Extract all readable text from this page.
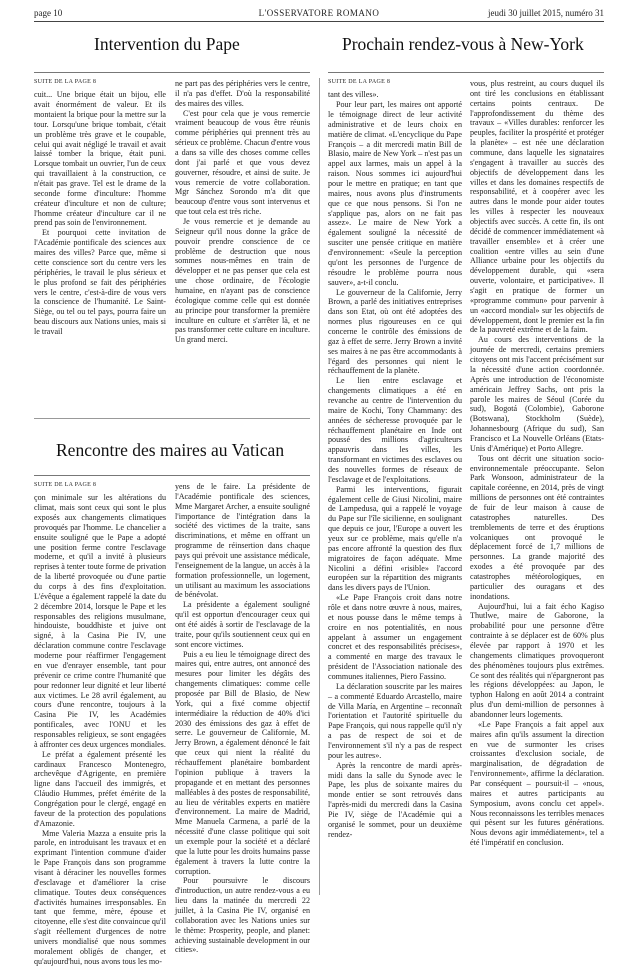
page 10	L'OSSERVATORE ROMANO	jeudi 30 juillet 2015, numéro 31
Intervention du Pape
SUITE DE LA PAGE 8

cuit... Une brique était un bijou, elle avait énormément de valeur. Et ils montaient la brique pour la mettre sur la tour. Lorsqu'une brique tombait, c'était un problème très grave et le coupable, celui qui avait négligé le travail et avait laissé tomber la brique, était puni. Lorsque tombait un ouvrier, l'un de ceux qui travaillaient à la construction, ce n'était pas grave. Tel est le drame de la seconde forme d'inculture: l'homme créateur d'inculture et non de culture; l'homme créateur d'inculture car il ne prend pas soin de l'environnement.

Et pourquoi cette invitation de l'Académie pontificale des sciences aux maires des villes? Parce que, même si cette conscience sort du centre vers les périphéries, le travail le plus sérieux et le plus profond se fait des périphéries vers le centre, c'est-à-dire de vous vers la conscience de l'humanité. Le Saint-Siège, ou tel ou tel pays, pourra faire un beau discours aux Nations unies, mais si le travail

ne part pas des périphéries vers le centre, il n'a pas d'effet. D'où la responsabilité des maires des villes.

C'est pour cela que je vous remercie vraiment beaucoup de vous être réunis comme périphéries qui prennent très au sérieux ce problème. Chacun d'entre vous a dans sa ville des choses comme celles dont j'ai parlé et que vous devez gouverner, résoudre, et ainsi de suite. Je vous remercie de votre collaboration. Mgr Sánchez Sorondo m'a dit que beaucoup d'entre vous sont intervenus et que tout cela est très riche.

Je vous remercie et je demande au Seigneur qu'il nous donne la grâce de pouvoir prendre conscience de ce problème de destruction que nous sommes nous-mêmes en train de développer et ne pas penser que cela est une chose ordinaire, de l'écologie humaine, en n'ayant pas de conscience écologique comme celle qui est donnée au principe pour transformer la première inculture en culture et s'arrêter là, et ne pas transformer cette culture en inculture. Un grand merci.

Rencontre des maires au Vatican
SUITE DE LA PAGE 8

çon minimale sur les altérations du climat, mais sont ceux qui sont le plus exposés aux changements climatiques provoqués par l'homme. Le chancelier a ensuite souligné que le Pape a adopté une position ferme contre l'esclavage moderne, et qu'il a invité à plusieurs reprises à tenter toute forme de privation de la liberté provoquée ou d'une partie du corps à des fins d'exploitation. L'évêque a également rappelé la date du 2 décembre 2014, lorsque le Pape et les responsables des religions musulmane, hindouiste, bouddhiste et juive ont signé, à la Casina Pie IV, une déclaration commune contre l'esclavage moderne pour réaffirmer l'engagement en vue d'enrayer ensemble, tant pour prévenir ce crime contre l'humanité que pour redonner leur dignité et leur liberté aux victimes. Le 28 avril également, au cours d'une rencontre, toujours à la Casina Pie IV, les Académies pontificales, avec l'ONU et les responsables religieux, se sont engagées à affronter ces deux urgences mondiales.

Le préfat a également présenté les cardinaux Francesco Montenegro, archevêque d'Agrigente, en première ligne dans l'accueil des immigrés, et Cláudio Hummes, préfet émérite de la Congrégation pour le clergé, engagé en faveur de la protection des populations d'Amazonie.

Mme Valeria Mazza a ensuite pris la parole, en introduisant les travaux et en exprimant l'intention commune d'aider le Pape François dans son programme visant à déraciner les nouvelles formes d'esclavage et d'améliorer la crise climatique. Toutes deux conséquences d'activités humaines irresponsables. En tant que femme, mère, épouse et citoyenne, elle s'est dite convaincue qu'il s'agit réellement d'urgences de notre univers mondialisé que nous sommes moralement obligés de changer, et qu'aujourd'hui, nous avons tous les mo-

yens de le faire. La présidente de l'Académie pontificale des sciences, Mme Margaret Archer, a ensuite souligné l'importance de l'intégration dans la société des victimes de la traite, sans discriminations, et même en offrant un programme de réinsertion dans chaque pays qui prévoit une assistance médicale, l'enseignement de la langue, un accès à la formation professionnelle, un logement, un utilisant au maximum les associations de bénévolat.

La présidente a également souligné qu'il est opportun d'encourager ceux qui ont été aidés à sortir de l'esclavage de la traite, pour qu'ils soutiennent ceux qui en sont encore victimes.

Puis a eu lieu le témoignage direct des maires qui, entre autres, ont annoncé des mesures pour limiter les dégâts des changements climatiques: comme celle proposée par Bill de Blasio, de New York, qui a fixé comme objectif intermédiaire la réduction de 40% d'ici 2030 des émissions des gaz à effet de serre. Le gouverneur de Californie, M. Jerry Brown, a également dénoncé le fait que ceux qui nient la réalité du réchauffement planétaire bombardent l'opinion publique à travers la propagande et en mettant des personnes malléables à des postes de responsabilité, au lieu de véritables experts en matière d'environnement. La maire de Madrid, Mme Manuela Carmena, a parlé de la nécessité d'une classe politique qui soit un exemple pour la société et a déclaré que la lutte pour les droits humains passe également à travers la lutte contre la corruption.

Pour poursuivre le discours d'introduction, un autre rendez-vous a eu lieu dans la matinée du mercredi 22 juillet, à la Casina Pie IV, organisé en collaboration avec les Nations unies sur le thème: Prosperity, people, and planet: achieving sustainable development in our cities».

Prochain rendez-vous à New-York
SUITE DE LA PAGE 8

tant des villes».

Pour leur part, les maires ont apporté le témoignage direct de leur activité administrative et de leurs choix en matière de climat. «L'encyclique du Pape François – a dit mercredi matin Bill de Blasio, maire de New York – n'est pas un appel aux larmes, mais un appel à la raison. Nous sommes ici aujourd'hui pour le mettre en pratique; en tant que maires, nous avons plus d'instruments que ce que nous pensons. Si l'on ne s'applique pas, alors on ne fait pas assez». Le maire de New York a également souligné la nécessité de susciter une pensée critique en matière d'environnement: «Seule la perception qu'ont les personnes de l'urgence de résoudre le problème pourra nous sauver», a-t-il conclu.

Le gouverneur de la Californie, Jerry Brown, a parlé des initiatives entreprises dans son Etat, où ont été adoptées des normes plus rigoureuses en ce qui concerne le contrôle des émissions de gaz à effet de serre. Jerry Brown a invité ses maires à ne pas être accommodants à l'égard des personnes qui nient le réchauffement de la planète.

Le lien entre esclavage et changements climatiques a été en revanche au centre de l'intervention du maire de Kochi, Tony Chammany: des années de sécheresse provoquée par le réchauffement planétaire en Inde ont poussé des millions d'agriculteurs appauvris dans les villes, les transformant en victimes des esclaves ou des nouvelles formes de réseaux de l'esclavage et de l'exploitations.

Parmi les interventions, figurait également celle de Giusi Nicolini, maire de Lampedusa, qui a rappelé le voyage du Pape sur l'île sicilienne, en soulignant que depuis ce jour, l'Europe a ouvert les yeux sur ce problème, mais qu'elle n'a pas encore affronté la question des flux migratoires de façon adéquate. Mme Nicolini a défini «risible» l'accord européen sur la répartition des migrants dans les divers pays de l'Union.

«Le Pape François croit dans notre rôle et dans notre œuvre à nous, maires, et nous pousse dans le même temps à croire en nos potentialités, en nous appelant à assumer un engagement concret et des responsabilités précises», a commenté en marge des travaux le président de l'Association nationale des communes italiennes, Piero Fassino.

La déclaration souscrite par les maires – a commenté Eduardo Arcastello, maire de Villa María, en Argentine – reconnaît l'orientation et l'autorité spirituelle du Pape François, qui nous rappelle qu'il n'y a pas de respect de soi et de l'environnement s'il n'y a pas de respect pour les autres».

Après la rencontre de mardi après-midi dans la salle du Synode avec le Pape, les plus de soixante maires du monde entier se sont retrouvés dans l'après-midi du mercredi dans la Casina Pie IV, siège de l'Académie qui a organisé le sommet, pour un deuxième rendez-

vous, plus restreint, au cours duquel ils ont tiré les conclusions en établissant certains points centraux. De l'approfondissement du thème des travaux – «Villes durables: renforcer les peuples, faciliter la prospérité et protéger la planète» – est née une déclaration commune, dans laquelle les signataires s'engagent à travailler au succès des objectifs de développement dans les villes et dans les domaines respectifs de responsabilité, et à coopérer avec les autres dans le monde pour aider toutes les villes à respecter les nouveaux objectifs avec succès. A cette fin, ils ont décidé de commencer immédiatement «à travailler ensemble» et à créer une coalition «entre villes au sein d'une Alliance urbaine pour les objectifs du développement durable, qui «sera ouverte, volontaire, et participative». Il s'agit en pratique de former un «programme commun» pour parvenir à un «accord mondial» sur les objectifs de développement, dont le premier est la fin de la pauvreté extrême et de la faim.

Au cours des interventions de la journée de mercredi, certains premiers citoyens ont mis l'accent précisément sur la nécessité d'une action coordonnée. Après une introduction de l'économiste américain Jeffrey Sachs, ont pris la parole les maires de Séoul (Corée du sud), Bogotá (Colombie), Gaborone (Botswana), Stockholm (Suède), Johannesbourg (Afrique du sud), San Francisco et La Nouvelle Orléans (Etats-Unis d'Amérique) et Porto Allegre.

Tous ont décrit une situation socio-environnementale préoccupante. Selon Park Wonsoon, administrateur de la capitale coréenne, en 2014, près de vingt millions de personnes ont été contraintes de fuir de leur maison à cause de catastrophes naturelles. Des tremblements de terre et des éruptions volcaniques ont provoqué le déplacement forcé de 1,7 millions de personnes. La grande majorité des exodes a été provoquée par des catastrophes météorologiques, en particulier des ouragans et des inondations.

Aujourd'hui, lui a fait écho Kagiso Thutlwe, maire de Gaborone, la probabilité pour une personne d'être contrainte à se déplacer est de 60% plus élevée par rapport à 1970 et les changements climatiques provoqueront des phénomènes toujours plus extrêmes. Ce sont des réalités qui n'épargneront pas les régions développées: au Japon, le typhon Halong en août 2014 a contraint plus d'un demi-million de personnes à abandonner leurs logements.

«Le Pape François a fait appel aux maires afin qu'ils assument la direction en vue de surmonter les crises croissantes d'exclusion sociale, de marginalisation, de dégradation de l'environnement», affirme la déclaration. Par conséquent – poursuit-il – «nous, maires et autres participants au Symposium, avons conclu cet appel». Nous reconnaissons les terribles menaces qui pèsent sur les futures générations. Nous devons agir immédiatement», tel a été l'impératif en conclusion.
